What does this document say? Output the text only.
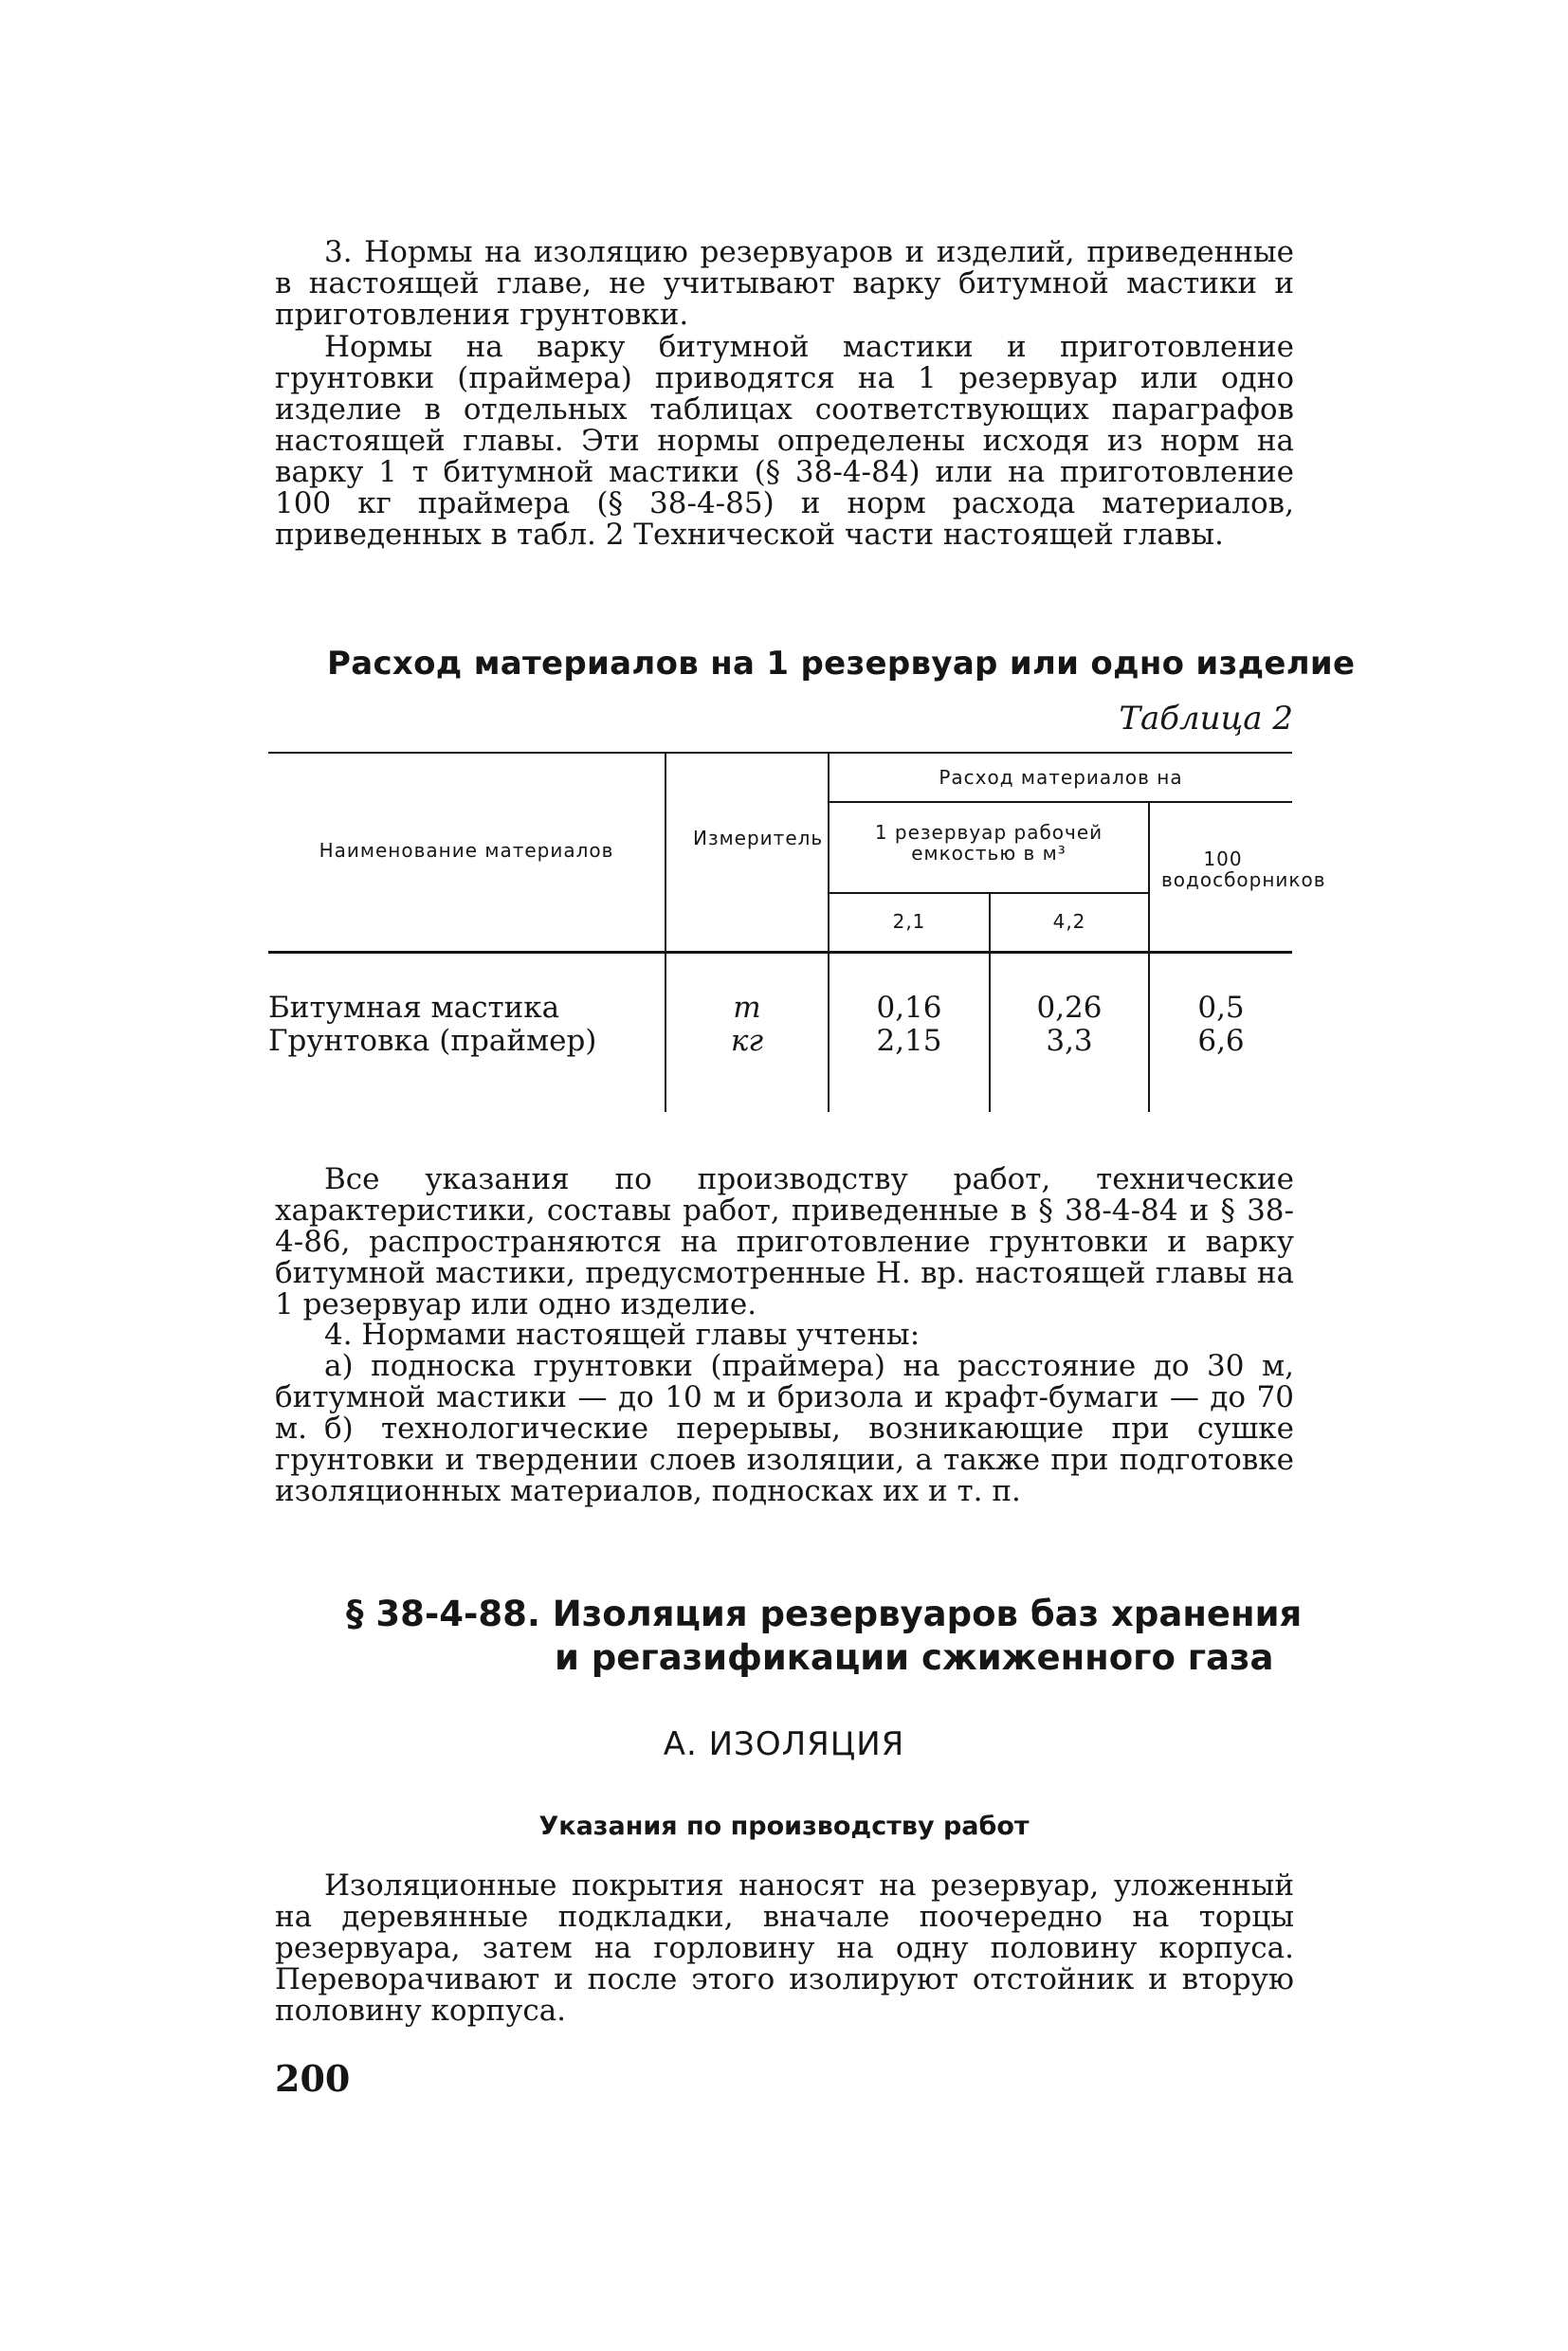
3. Нормы на изоляцию резервуаров и изделий, приведенные в настоящей главе, не учитывают варку битумной мастики и приготовления грунтовки.

Нормы на варку битумной мастики и приготовление грунтовки (праймера) приводятся на 1 резервуар или одно изделие в отдельных таблицах соответствующих параграфов настоящей главы. Эти нормы определены исходя из норм на варку 1 т битумной мастики (§ 38-4-84) или на приготовление 100 кг праймера (§ 38-4-85) и норм расхода материалов, приведенных в табл. 2 Технической части настоящей главы.

Расход материалов на 1 резервуар или одно изделие
Таблица 2
Наименование материалов
Измеритель
Расход материалов на
1 резервуар рабочей емкостью в м³
2,1	4,2
100 водосборников
Битумная мастика	т	0,16	0,26	0,5
Грунтовка (праймер)	кг	2,15	3,3	6,6

Все указания по производству работ, технические характеристики, составы работ, приведенные в § 38-4-84 и § 38-4-86, распространяются на приготовление грунтовки и варку битумной мастики, предусмотренные Н. вр. настоящей главы на 1 резервуар или одно изделие.

4. Нормами настоящей главы учтены:

а) подноска грунтовки (праймера) на расстояние до 30 м, битумной мастики — до 10 м и бризола и крафт-бумаги — до 70 м. б) технологические перерывы, возникающие при сушке грунтовки и твердении слоев изоляции, а также при подготовке изоляционных материалов, подносках их и т. п.

§ 38-4-88. Изоляция резервуаров баз хранения
и регазификации сжиженного газа
А. ИЗОЛЯЦИЯ
Указания по производству работ

Изоляционные покрытия наносят на резервуар, уложенный на деревянные подкладки, вначале поочередно на торцы резервуара, затем на горловину на одну половину корпуса. Переворачивают и после этого изолируют отстойник и вторую половину корпуса.

200
